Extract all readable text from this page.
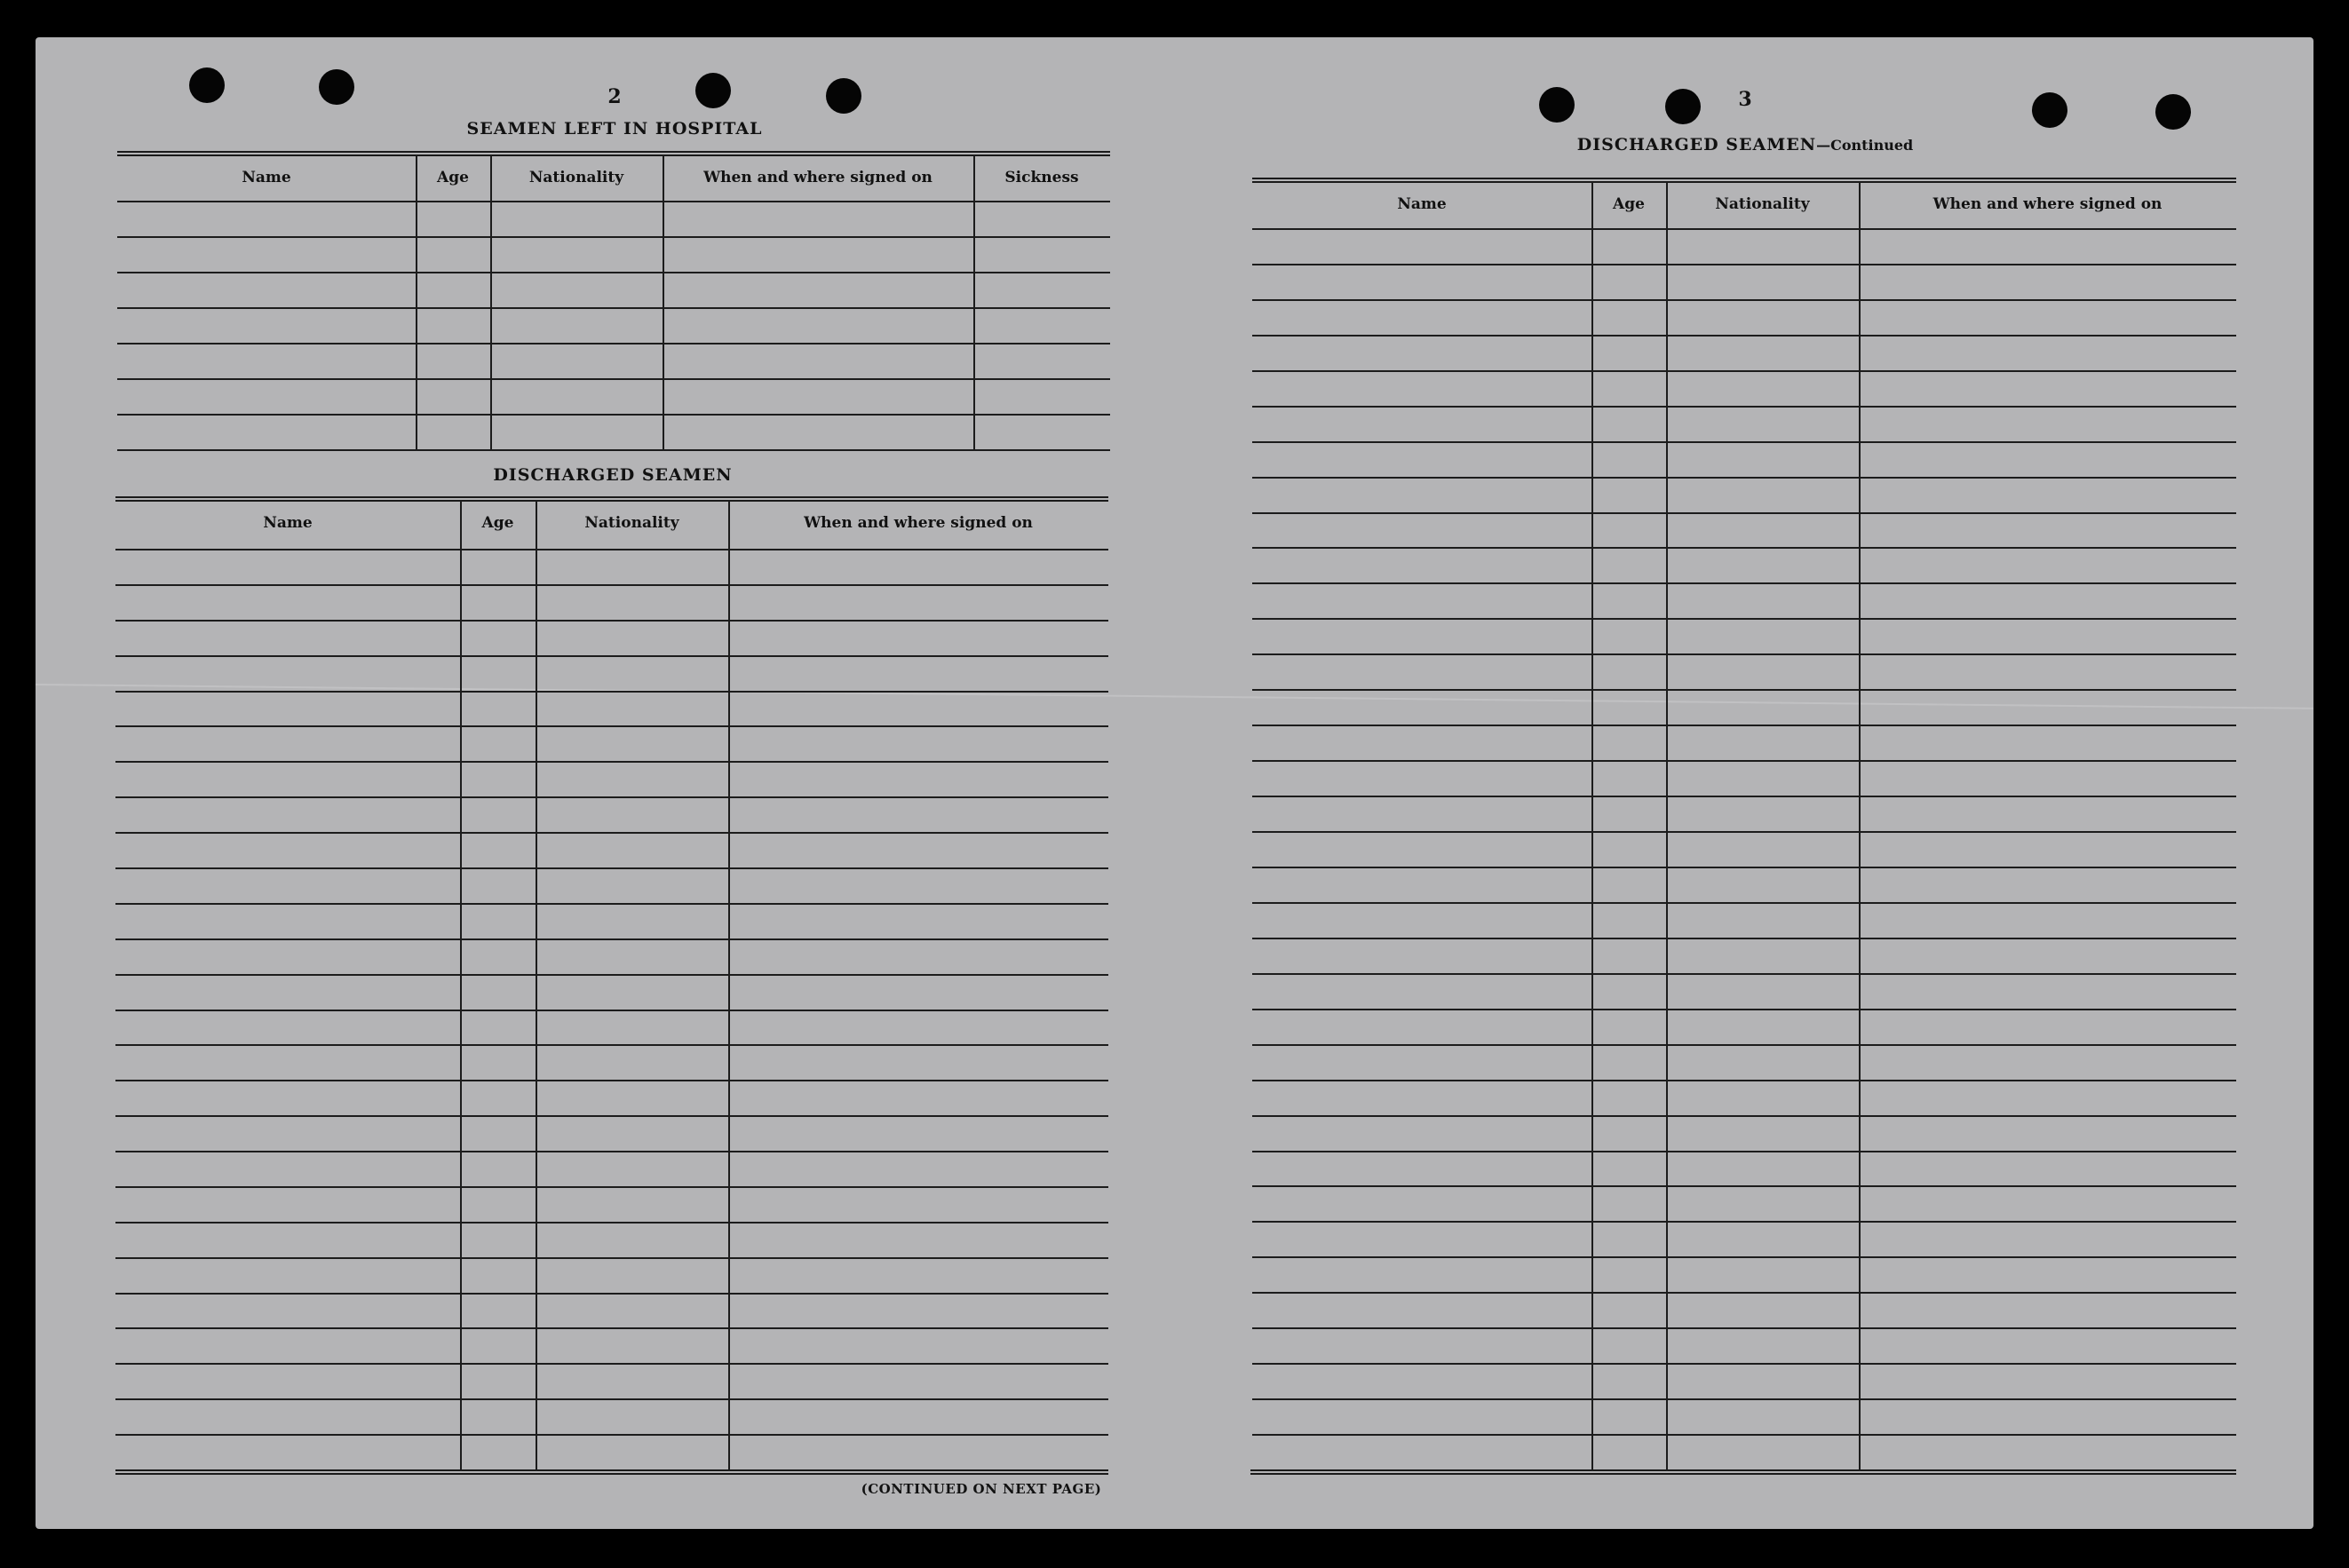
2
SEAMEN LEFT IN HOSPITAL
DISCHARGED SEAMEN
(CONTINUED ON NEXT PAGE)
3
DISCHARGED SEAMEN—Continued
Name	Age	Nationality	When and where signed on	Sickness
Name	Age	Nationality	When and where signed on
Name	Age	Nationality	When and where signed on
